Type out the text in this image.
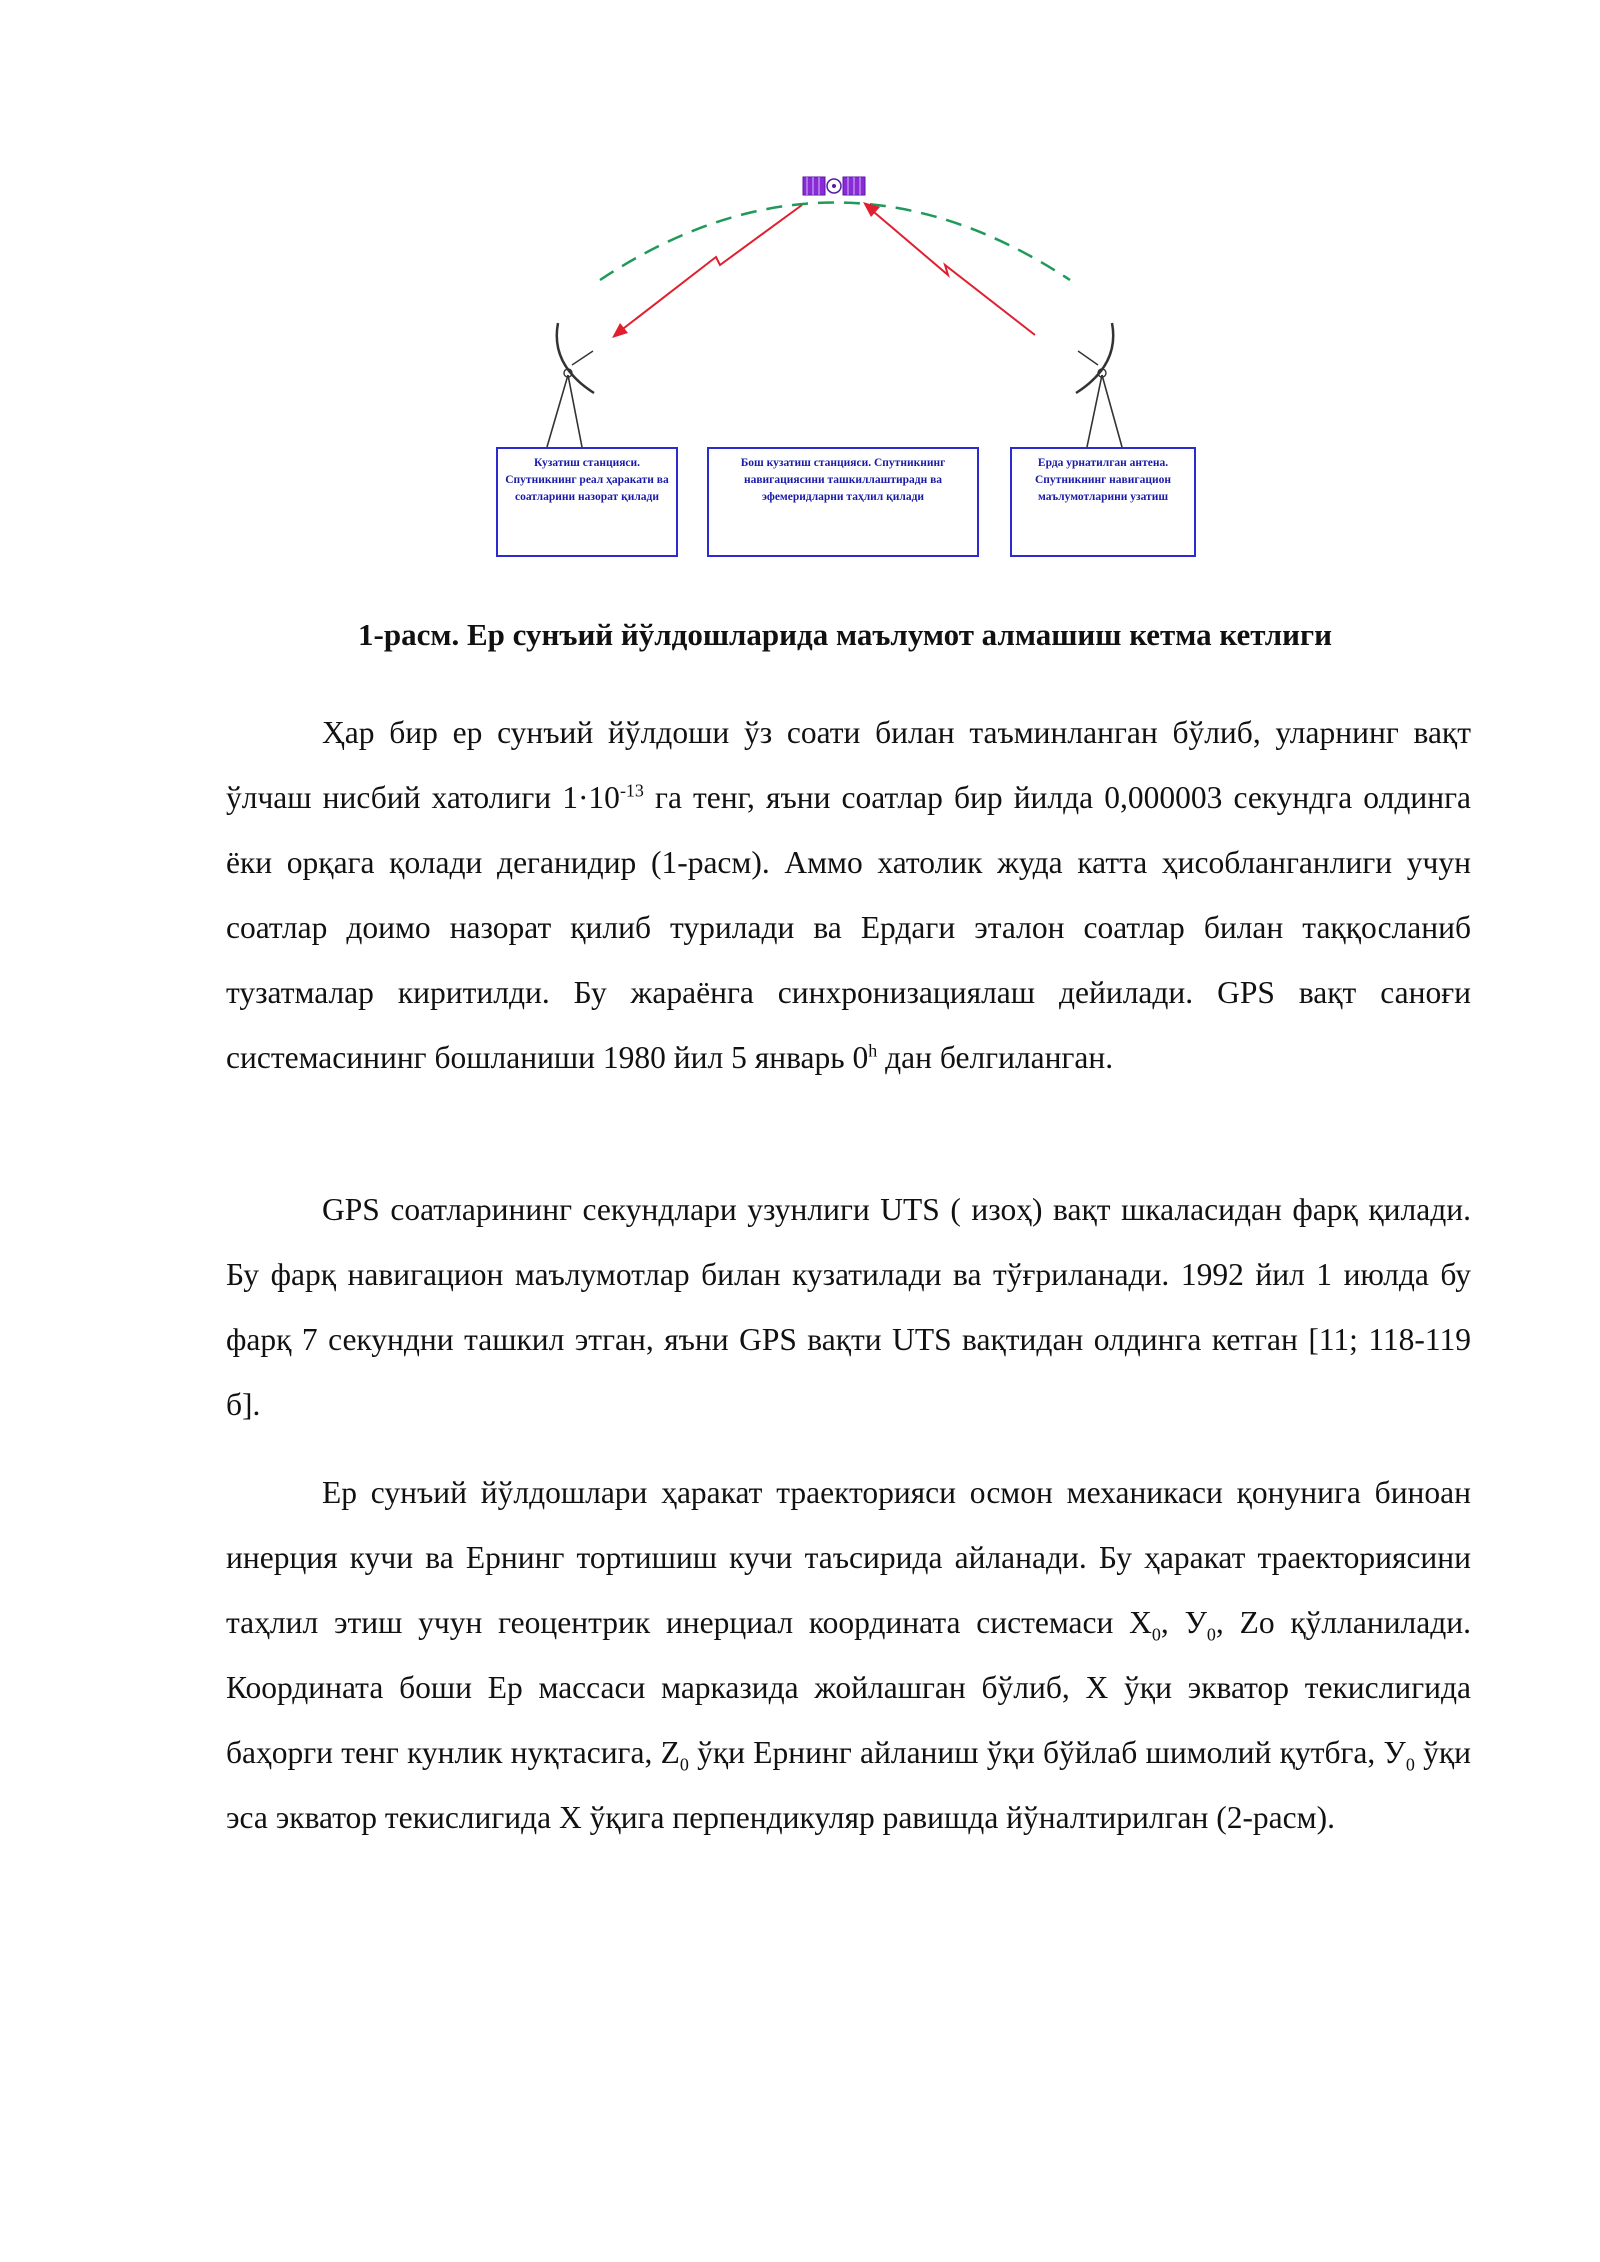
Кузатиш станцияси. Спутникнинг реал ҳаракати ва соатларини назорат қилади
Бош кузатиш станцияси. Спутникнинг навигациясини ташкиллаштирадн ва эфемеридларни таҳлил қилади
Ерда урнатилган антена. Спутникнинг навигацион маълумотларини узатиш
1-расм. Ер сунъий йўлдошларида маълумот алмашиш кетма кетлиги

Ҳар бир ер сунъий йўлдоши ўз соати билан таъминланган бўлиб, уларнинг вақт ўлчаш нисбий хатолиги $1\cdot 10^{-13}$ га тенг, яъни соатлар бир йилда 0,000003 секундга олдинга ёки орқага қолади деганидир (1-расм). Аммо хатолик жуда катта ҳисобланганлиги учун соатлар доимо назорат қилиб турилади ва Ердаги эталон соатлар билан таққосланиб тузатмалар киритилди. Бу жараёнга синхронизациялаш дейилади. GPS вақт саноғи системасининг бошланиши 1980 йил 5 январь 0$^h$ дан белгиланган.

GPS соатларининг секундлари узунлиги UTS ( изоҳ) вақт шкаласидан фарқ қилади. Бу фарқ навигацион маълумотлар билан кузатилади ва тўғриланади. 1992 йил 1 июлда бу фарқ 7 секундни ташкил этган, яъни GPS вақти UTS вақтидан олдинга кетган [11; 118-119 б].

Ер сунъий йўлдошлари ҳаракат траекторияси осмон механикаси қонунига биноан инерция кучи ва Ернинг тортишиш кучи таъсирида айланади. Бу ҳаракат траекториясини таҳлил этиш учун геоцентрик инерциал координата системаси $X_0$, $У_0$, Zo қўлланилади. Координата боши Ер массаси марказида жойлашган бўлиб, X ўқи экватор текислигида баҳорги тенг кунлик нуқтасига, $Z_0$ ўқи Ернинг айланиш ўқи бўйлаб шимолий қутбга, $У_0$ ўқи эса экватор текислигида X ўқига перпендикуляр равишда йўналтирилган (2-расм).
